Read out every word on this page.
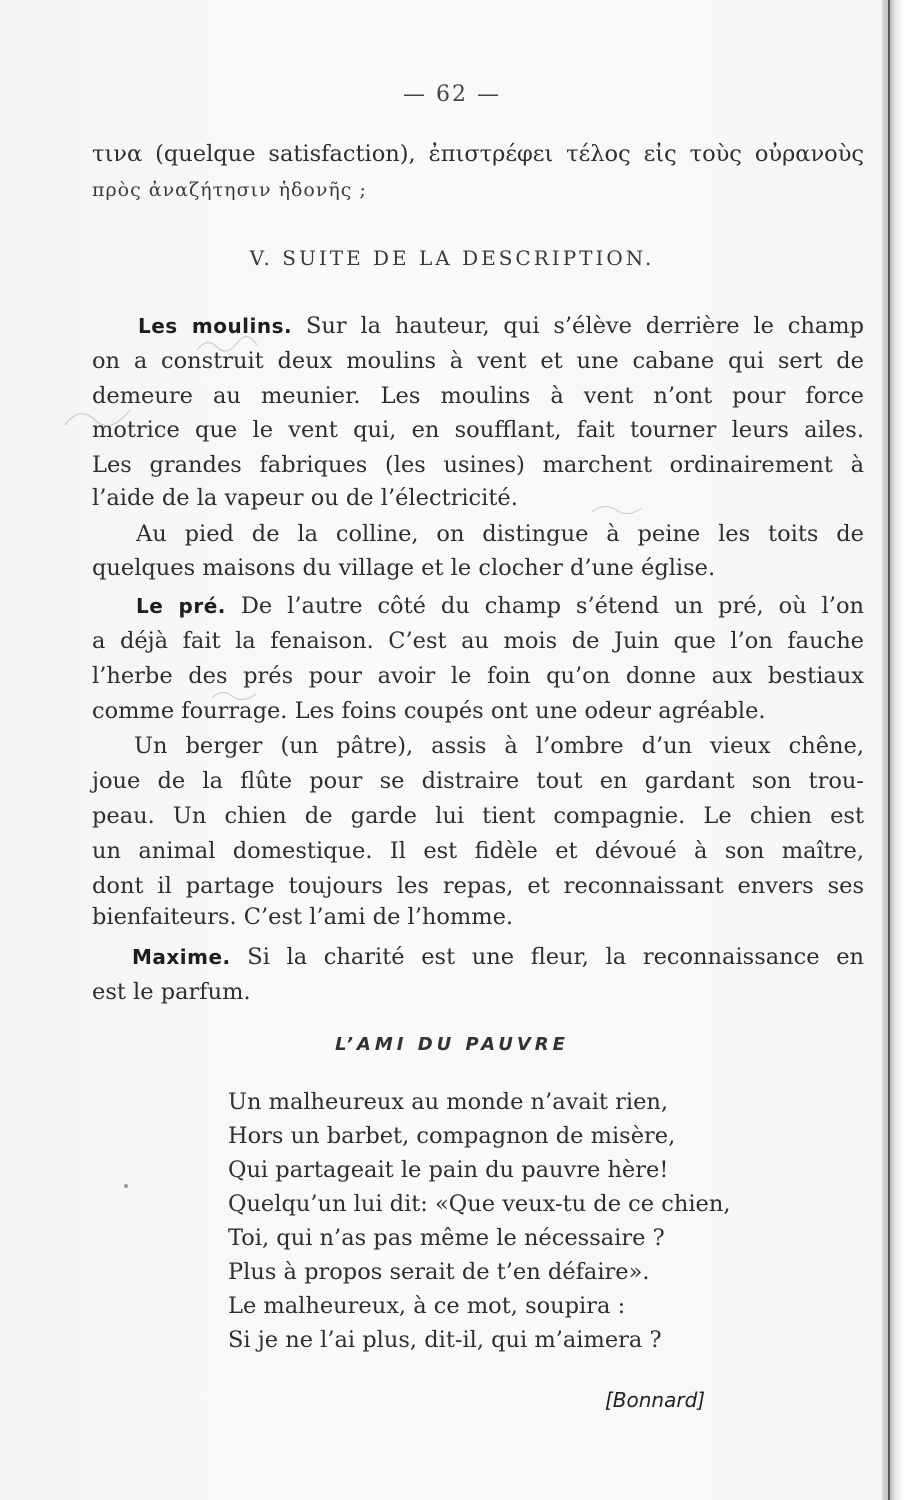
— 62 —
τινα (quelque satisfaction), ἐπιστρέφει τέλος εἰς τοὺς οὐρανοὺς
πρὸς ἀναζήτησιν ἡδονῆς ;
V. SUITE DE LA DESCRIPTION.
Les moulins. Sur la hauteur, qui s’élève derrière le champ
on a construit deux moulins à vent et une cabane qui sert de
demeure au meunier. Les moulins à vent n’ont pour force
motrice que le vent qui, en soufflant, fait tourner leurs ailes.
Les grandes fabriques (les usines) marchent ordinairement à
l’aide de la vapeur ou de l’électricité.
Au pied de la colline, on distingue à peine les toits de
quelques maisons du village et le clocher d’une église.
Le pré. De l’autre côté du champ s’étend un pré, où l’on
a déjà fait la fenaison. C’est au mois de Juin que l’on fauche
l’herbe des prés pour avoir le foin qu’on donne aux bestiaux
comme fourrage. Les foins coupés ont une odeur agréable.
Un berger (un pâtre), assis à l’ombre d’un vieux chêne,
joue de la flûte pour se distraire tout en gardant son trou-
peau. Un chien de garde lui tient compagnie. Le chien est
un animal domestique. Il est fidèle et dévoué à son maître,
dont il partage toujours les repas, et reconnaissant envers ses
bienfaiteurs. C’est l’ami de l’homme.
Maxime. Si la charité est une fleur, la reconnaissance en
est le parfum.
L’AMI DU PAUVRE
Un malheureux au monde n’avait rien,
Hors un barbet, compagnon de misère,
Qui partageait le pain du pauvre hère!
Quelqu’un lui dit: «Que veux-tu de ce chien,
Toi, qui n’as pas même le nécessaire ?
Plus à propos serait de t’en défaire».
Le malheureux, à ce mot, soupira :
Si je ne l’ai plus, dit-il, qui m’aimera ?
[Bonnard]
